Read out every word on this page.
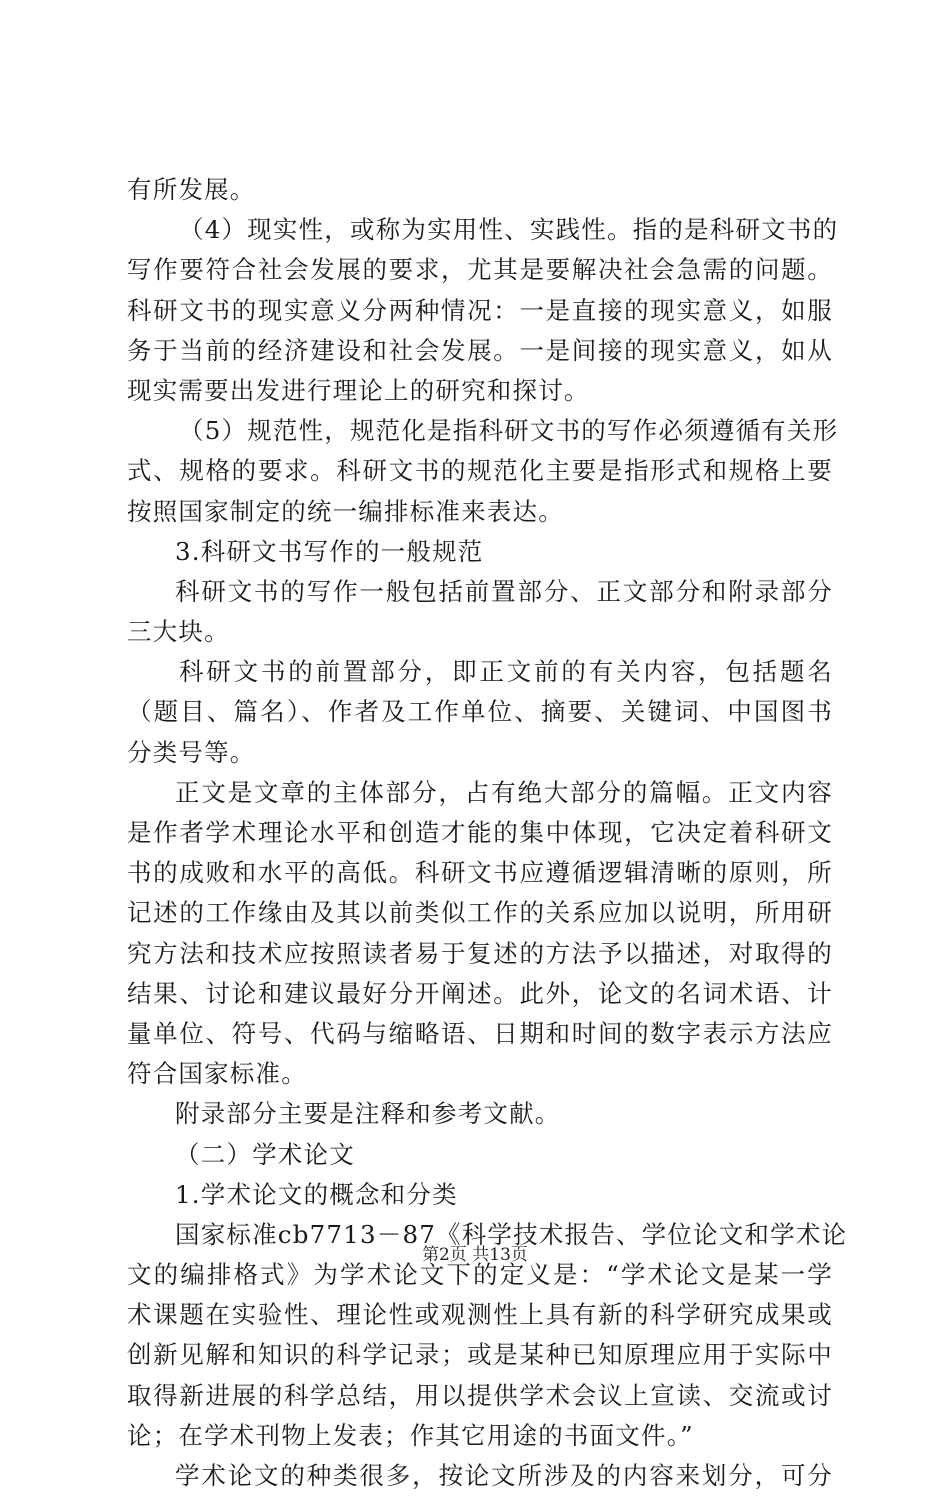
有所发展。
（4）现实性，或称为实用性、实践性。指的是科研文书的
写作要符合社会发展的要求，尤其是要解决社会急需的问题。
科研文书的现实意义分两种情况：一是直接的现实意义，如服
务于当前的经济建设和社会发展。一是间接的现实意义，如从
现实需要出发进行理论上的研究和探讨。
（5）规范性，规范化是指科研文书的写作必须遵循有关形
式、规格的要求。科研文书的规范化主要是指形式和规格上要
按照国家制定的统一编排标准来表达。
3.科研文书写作的一般规范
科研文书的写作一般包括前置部分、正文部分和附录部分
三大块。
科研文书的前置部分，即正文前的有关内容，包括题名
（题目、篇名）、作者及工作单位、摘要、关键词、中国图书
分类号等。
正文是文章的主体部分，占有绝大部分的篇幅。正文内容
是作者学术理论水平和创造才能的集中体现，它决定着科研文
书的成败和水平的高低。科研文书应遵循逻辑清晰的原则，所
记述的工作缘由及其以前类似工作的关系应加以说明，所用研
究方法和技术应按照读者易于复述的方法予以描述，对取得的
结果、讨论和建议最好分开阐述。此外，论文的名词术语、计
量单位、符号、代码与缩略语、日期和时间的数字表示方法应
符合国家标准。
附录部分主要是注释和参考文献。
（二）学术论文
1.学术论文的概念和分类
国家标准cb7713－87《科学技术报告、学位论文和学术论
文的编排格式》为学术论文下的定义是：“学术论文是某一学
术课题在实验性、理论性或观测性上具有新的科学研究成果或
创新见解和知识的科学记录；或是某种已知原理应用于实际中
取得新进展的科学总结，用以提供学术会议上宣读、交流或讨
论；在学术刊物上发表；作其它用途的书面文件。”
学术论文的种类很多，按论文所涉及的内容来划分，可分
第2页 共13页
